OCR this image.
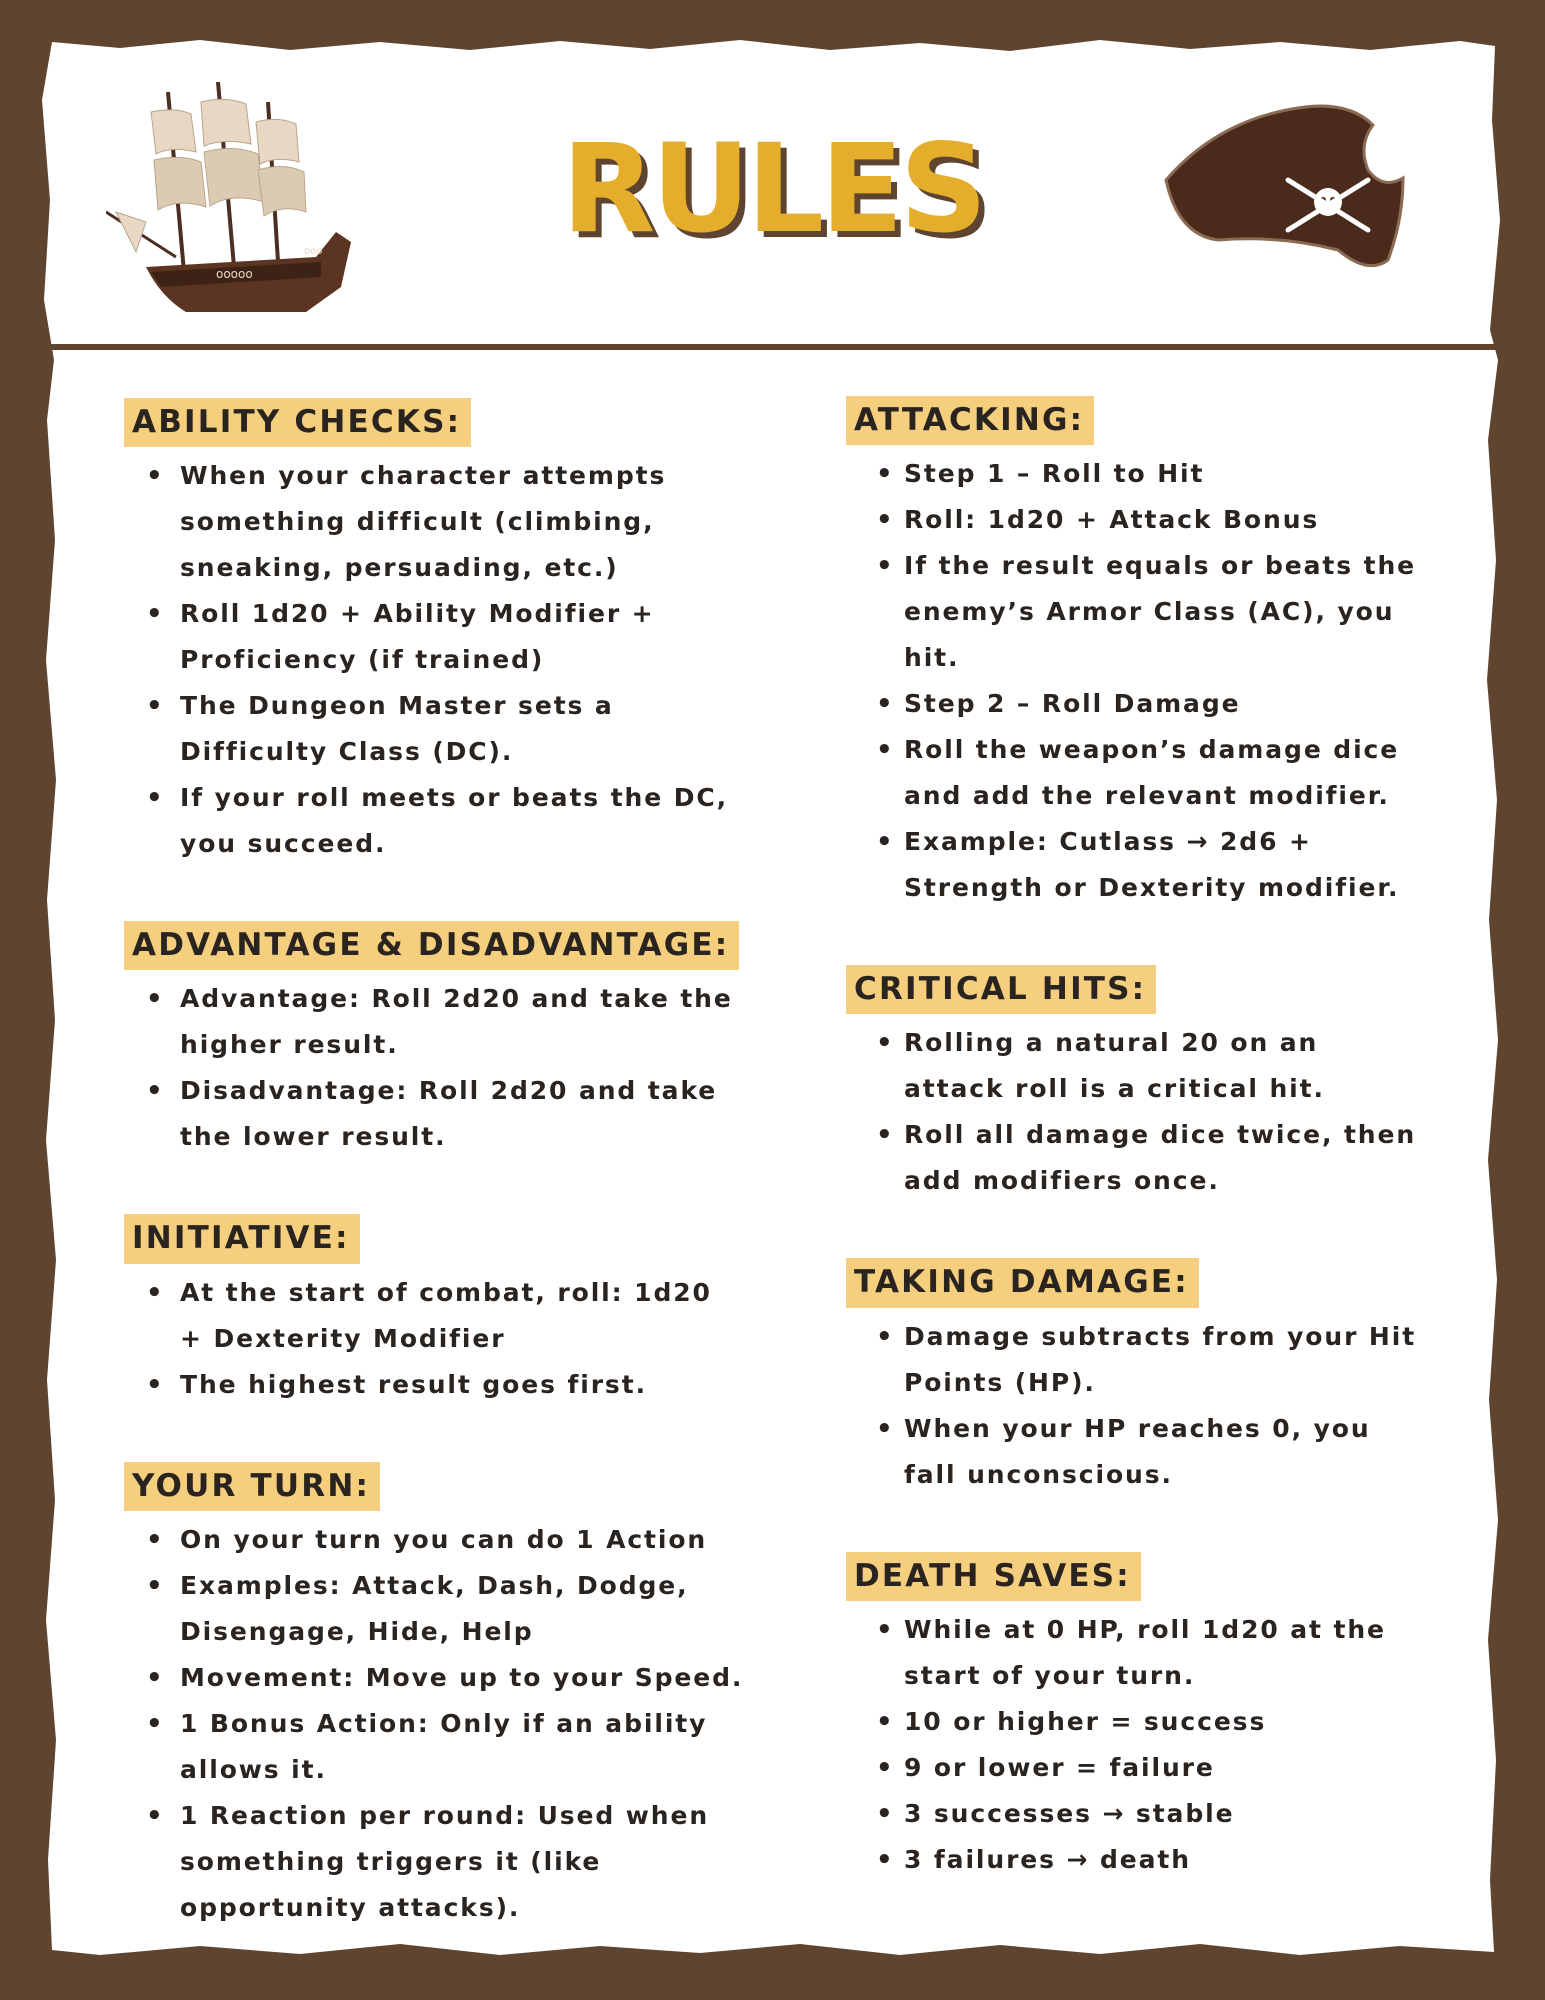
ooooo
ooo	RULES
ABILITY CHECKS:
• When your character attempts something difficult (climbing, sneaking, persuading, etc.)
• Roll 1d20 + Ability Modifier + Proficiency (if trained)
• The Dungeon Master sets a Difficulty Class (DC).
• If your roll meets or beats the DC, you succeed.
ADVANTAGE & DISADVANTAGE:
• Advantage: Roll 2d20 and take the higher result.
• Disadvantage: Roll 2d20 and take the lower result.
INITIATIVE:
• At the start of combat, roll: 1d20 + Dexterity Modifier
• The highest result goes first.
YOUR TURN:
• On your turn you can do 1 Action
• Examples: Attack, Dash, Dodge, Disengage, Hide, Help
• Movement: Move up to your Speed.
• 1 Bonus Action: Only if an ability allows it.
• 1 Reaction per round: Used when something triggers it (like opportunity attacks).
ATTACKING:
• Step 1 – Roll to Hit
• Roll: 1d20 + Attack Bonus
• If the result equals or beats the enemy’s Armor Class (AC), you hit.
• Step 2 – Roll Damage
• Roll the weapon’s damage dice and add the relevant modifier.
• Example: Cutlass → 2d6 + Strength or Dexterity modifier.
CRITICAL HITS:
• Rolling a natural 20 on an attack roll is a critical hit.
• Roll all damage dice twice, then add modifiers once.
TAKING DAMAGE:
• Damage subtracts from your Hit Points (HP).
• When your HP reaches 0, you fall unconscious.
DEATH SAVES:
• While at 0 HP, roll 1d20 at the start of your turn.
• 10 or higher = success
• 9 or lower = failure
• 3 successes → stable
• 3 failures → death
